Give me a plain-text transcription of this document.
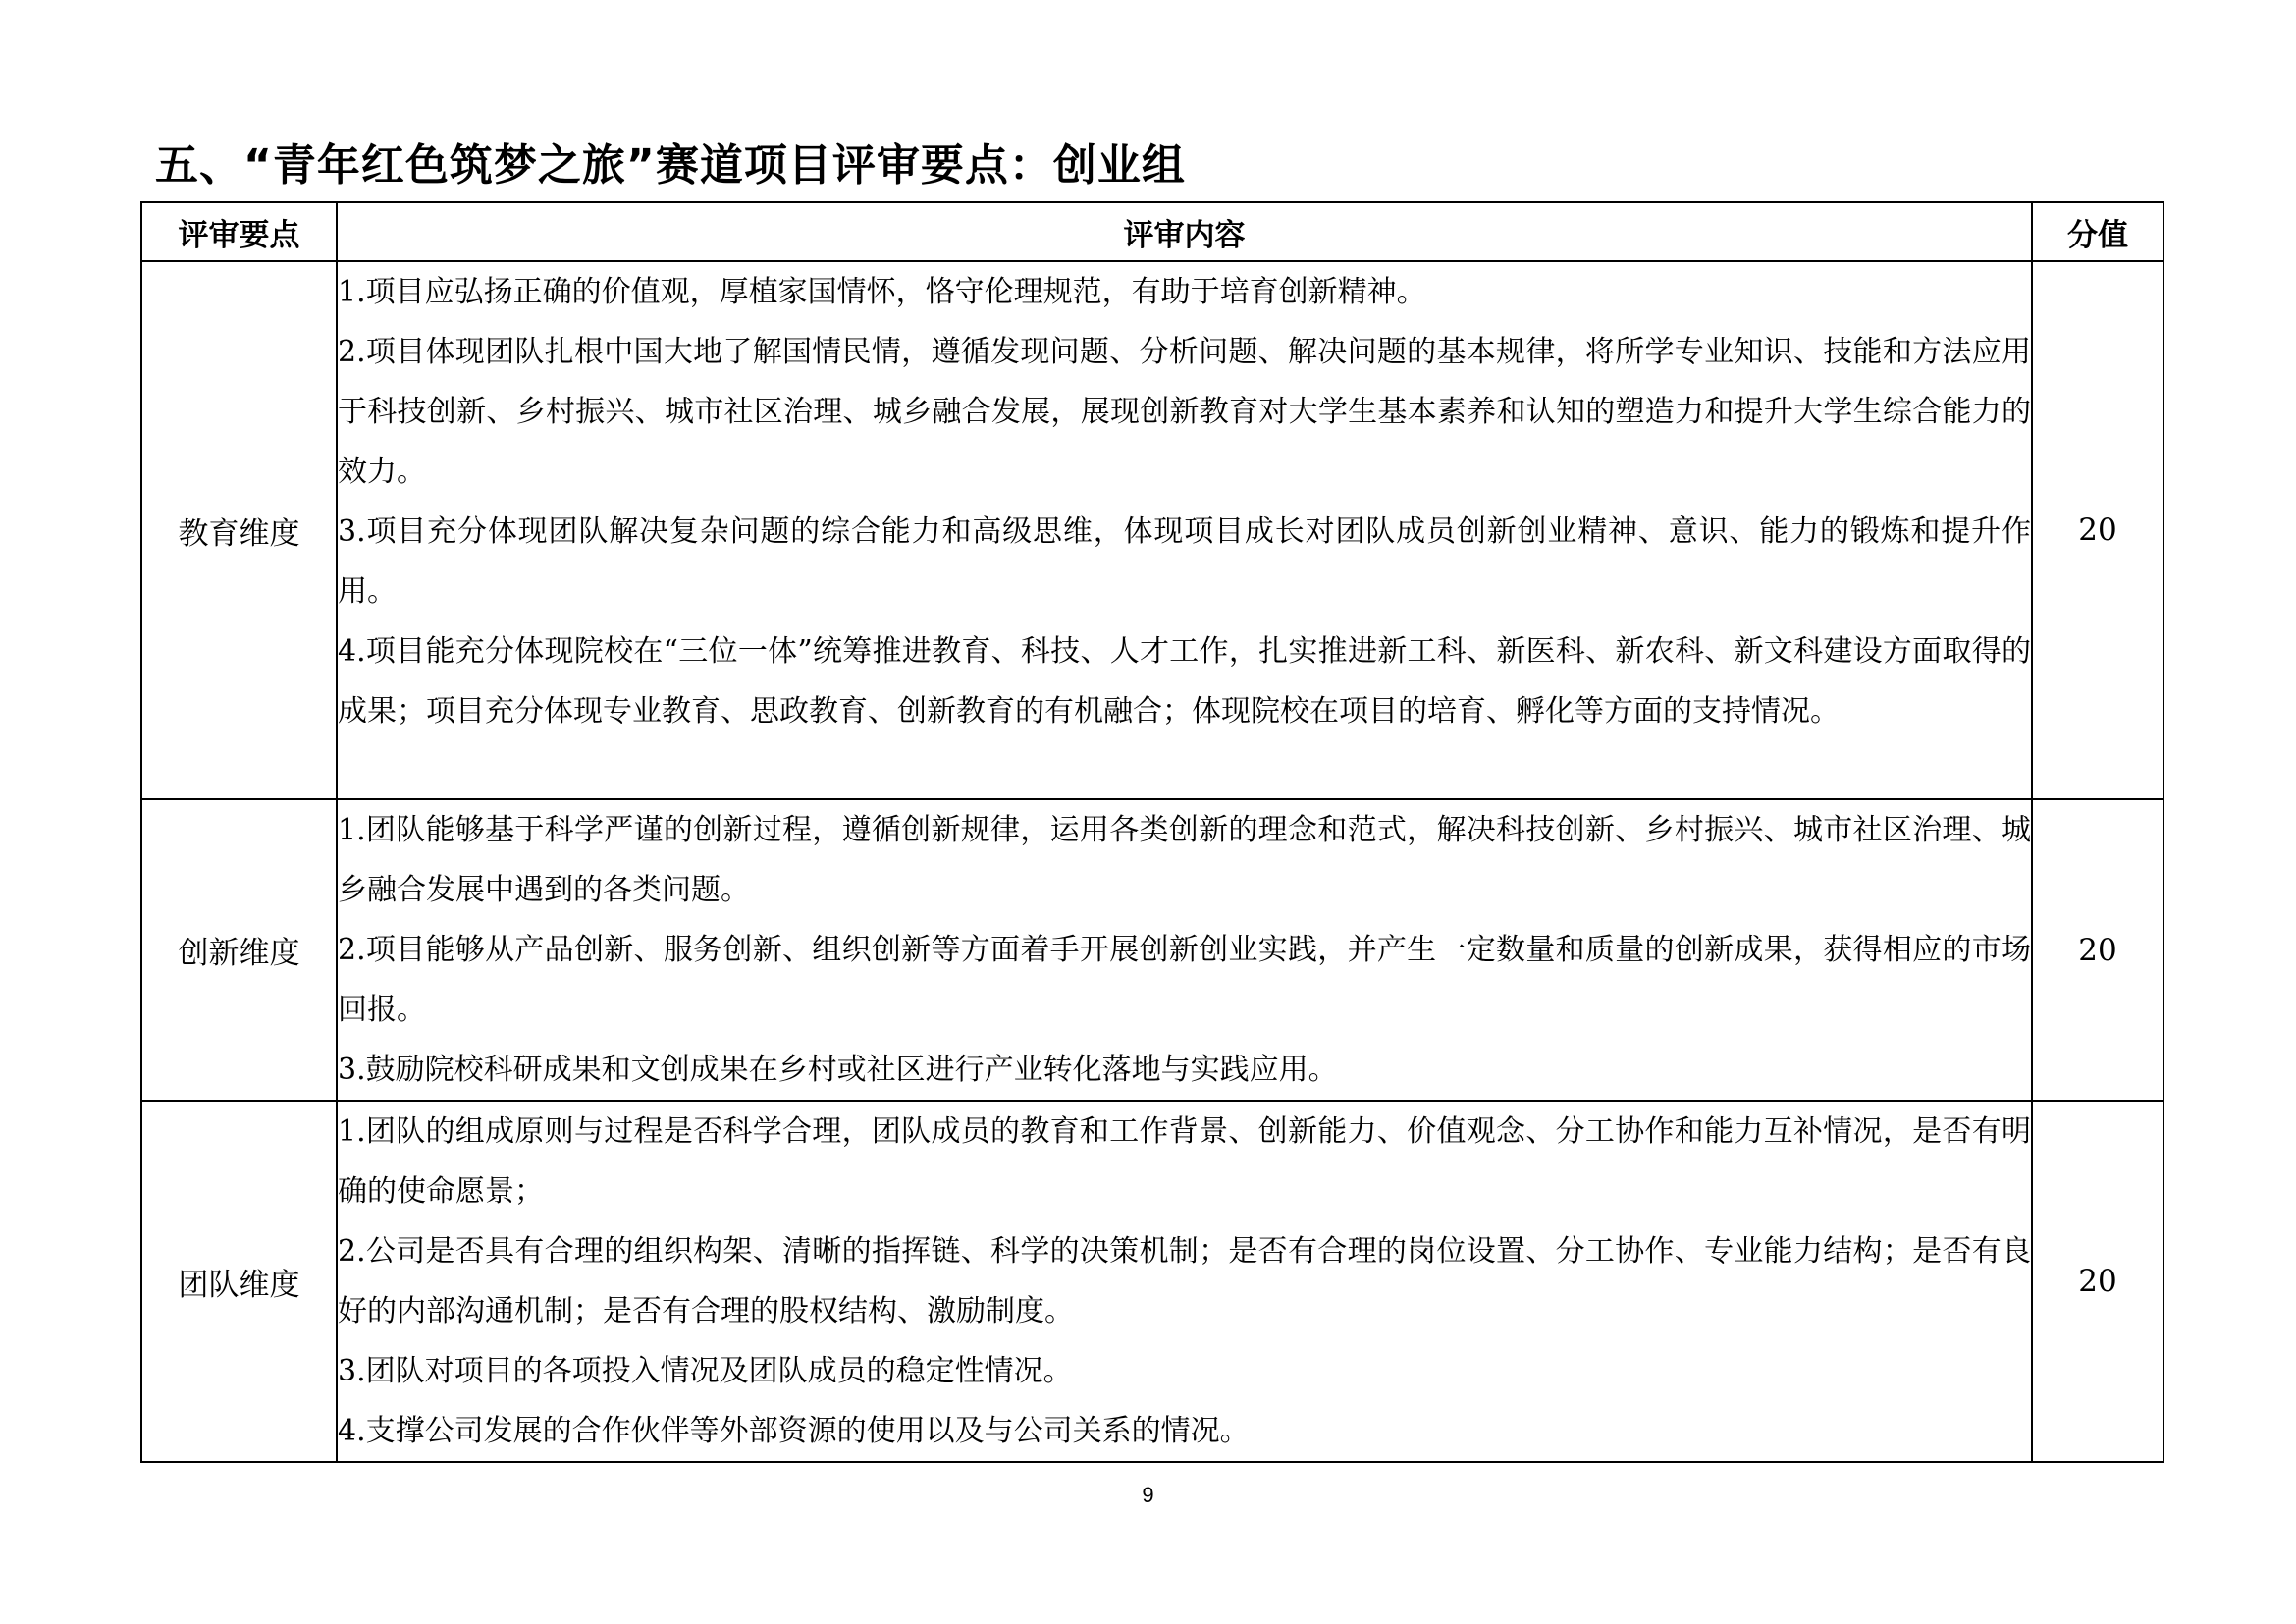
五、“青年红色筑梦之旅”赛道项目评审要点：创业组
评审要点	评审内容	分值
教育维度	1.项目应弘扬正确的价值观，厚植家国情怀，恪守伦理规范，有助于培育创新精神。

2.项目体现团队扎根中国大地了解国情民情，遵循发现问题、分析问题、解决问题的基本规律，将所学专业知识、技能和方法应用于科技创新、乡村振兴、城市社区治理、城乡融合发展，展现创新教育对大学生基本素养和认知的塑造力和提升大学生综合能力的效力。

3.项目充分体现团队解决复杂问题的综合能力和高级思维，体现项目成长对团队成员创新创业精神、意识、能力的锻炼和提升作用。

4.项目能充分体现院校在“三位一体”统筹推进教育、科技、人才工作，扎实推进新工科、新医科、新农科、新文科建设方面取得的成果；项目充分体现专业教育、思政教育、创新教育的有机融合；体现院校在项目的培育、孵化等方面的支持情况。	20
创新维度	1.团队能够基于科学严谨的创新过程，遵循创新规律，运用各类创新的理念和范式，解决科技创新、乡村振兴、城市社区治理、城乡融合发展中遇到的各类问题。

2.项目能够从产品创新、服务创新、组织创新等方面着手开展创新创业实践，并产生一定数量和质量的创新成果，获得相应的市场回报。

3.鼓励院校科研成果和文创成果在乡村或社区进行产业转化落地与实践应用。	20
团队维度	1.团队的组成原则与过程是否科学合理，团队成员的教育和工作背景、创新能力、价值观念、分工协作和能力互补情况，是否有明确的使命愿景；

2.公司是否具有合理的组织构架、清晰的指挥链、科学的决策机制；是否有合理的岗位设置、分工协作、专业能力结构；是否有良好的内部沟通机制；是否有合理的股权结构、激励制度。

3.团队对项目的各项投入情况及团队成员的稳定性情况。

4.支撑公司发展的合作伙伴等外部资源的使用以及与公司关系的情况。	20
9
